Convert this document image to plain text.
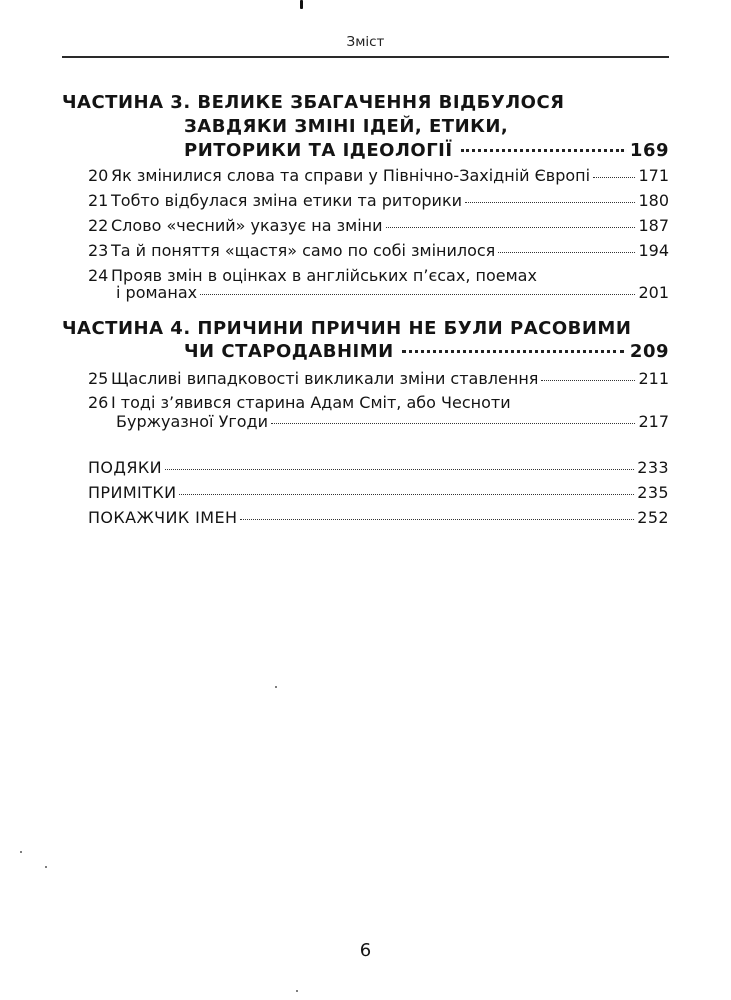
Зміст
ЧАСТИНА 3. ВЕЛИКЕ ЗБАГАЧЕННЯ ВІДБУЛОСЯ
ЗАВДЯКИ ЗМІНІ ІДЕЙ, ЕТИКИ,
РИТОРИКИ ТА ІДЕОЛОГІЇ	169
20 Як змінилися слова та справи у Північно-Західній Європі	171
21 Тобто відбулася зміна етики та риторики	180
22 Слово «чесний» указує на зміни	187
23 Та й поняття «щастя» само по собі змінилося	194
24 Прояв змін в оцінках в англійських п’єсах, поемах
і романах	201
ЧАСТИНА 4. ПРИЧИНИ ПРИЧИН НЕ БУЛИ РАСОВИМИ
ЧИ СТАРОДАВНІМИ	209
25 Щасливі випадковості викликали зміни ставлення	211
26 І тоді з’явився старина Адам Сміт, або Чесноти
Буржуазної Угоди	217
ПОДЯКИ	233
ПРИМІТКИ	235
ПОКАЖЧИК ІМЕН	252
6
